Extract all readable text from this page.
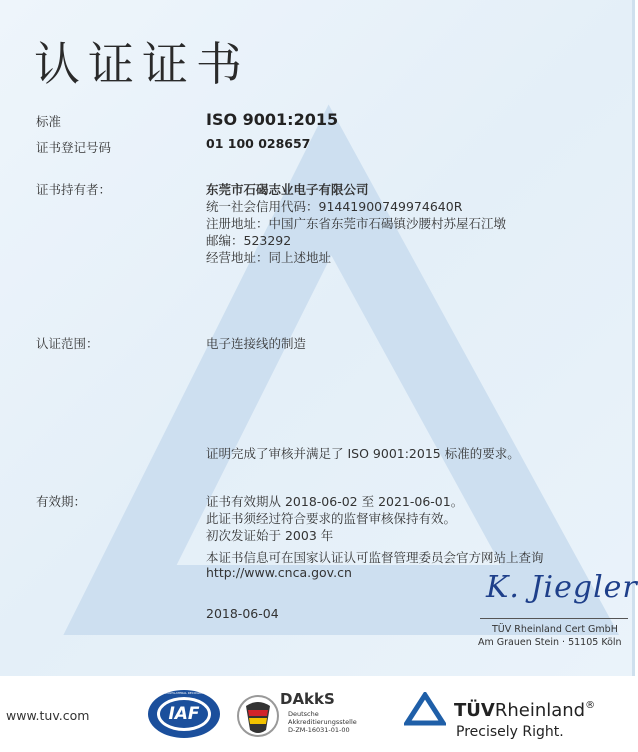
认证证书
标准	ISO 9001:2015
证书登记号码	01 100 028657
证书持有者：	东莞市石碣志业电子有限公司
统一社会信用代码：91441900749974640R
注册地址：中国广东省东莞市石碣镇沙腰村苏屋石江墩
邮编：523292
经营地址：同上述地址
认证范围：	电子连接线的制造
证明完成了审核并满足了 ISO 9001:2015 标准的要求。
有效期：	证书有效期从 2018-06-02 至 2021-06-01。
此证书须经过符合要求的监督审核保持有效。
初次发证始于 2003 年
本证书信息可在国家认证认可监督管理委员会官方网站上查询
http://www.cnca.gov.cn
2018-06-04
K. Jiegler
TÜV Rheinland Cert GmbH
Am Grauen Stein · 51105 Köln
www.tuv.com	IAF
MEMBER OF MULTILATERAL RECOGNITION ARRANGEMENT	DAkkS
Deutsche
Akkreditierungsstelle
D-ZM-16031-01-00
TÜVRheinland®
Precisely Right.
